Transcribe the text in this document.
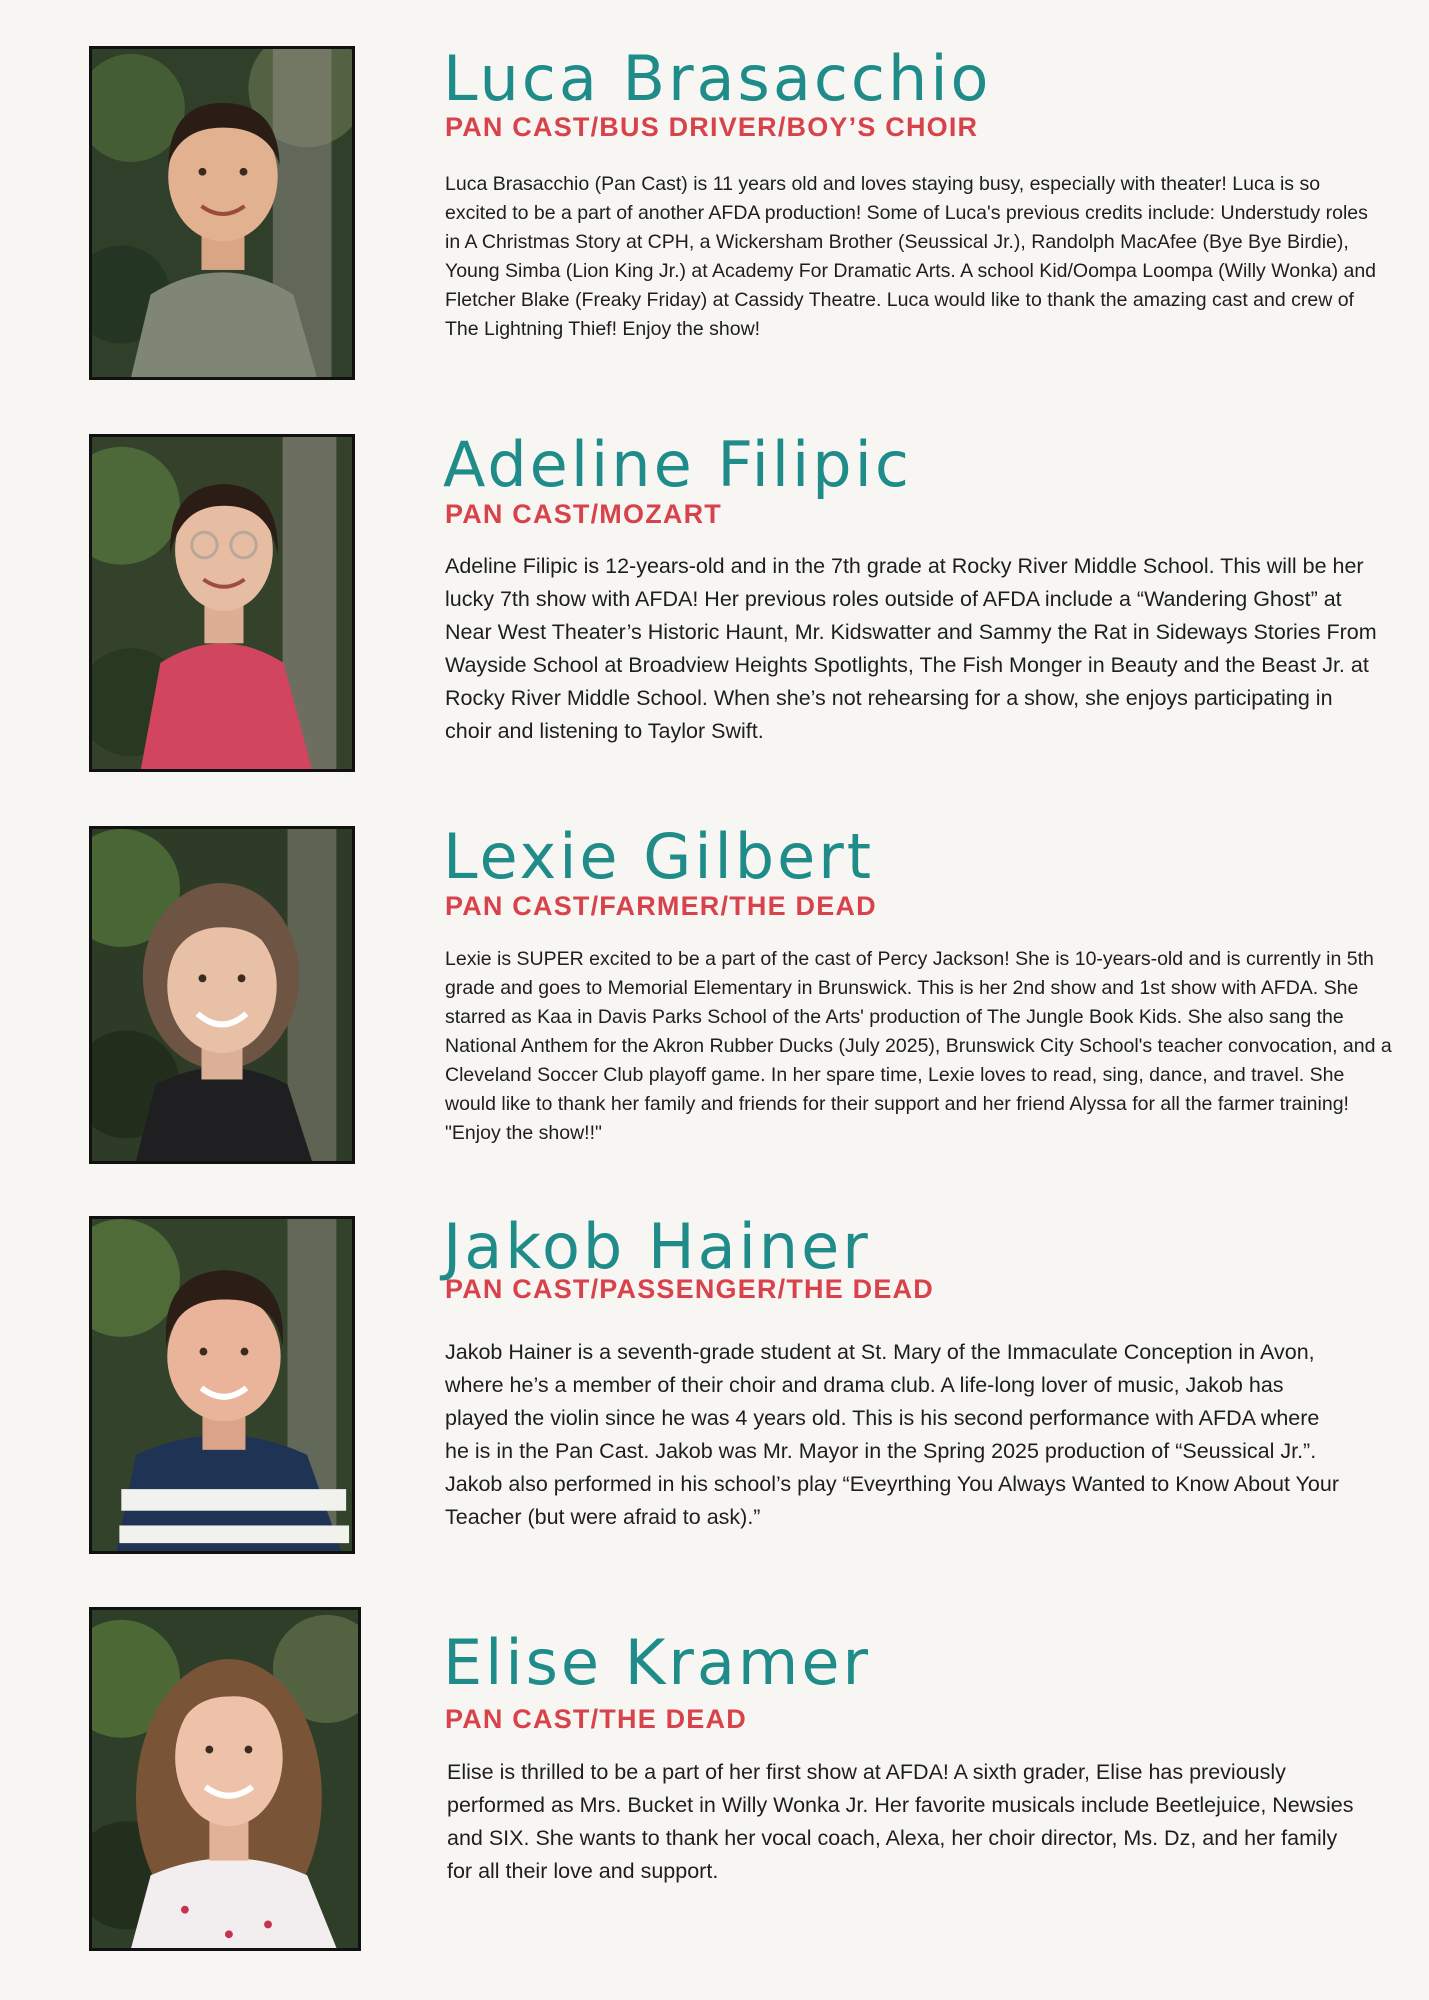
Luca Brasacchio
PAN CAST/BUS DRIVER/BOY’S CHOIR

Luca Brasacchio (Pan Cast) is 11 years old and loves staying busy, especially with theater! Luca is so excited to be a part of another AFDA production! Some of Luca's previous credits include: Understudy roles in A Christmas Story at CPH, a Wickersham Brother (Seussical Jr.), Randolph MacAfee (Bye Bye Birdie), Young Simba (Lion King Jr.) at Academy For Dramatic Arts. A school Kid/Oompa Loompa (Willy Wonka) and Fletcher Blake (Freaky Friday) at Cassidy Theatre. Luca would like to thank the amazing cast and crew of The Lightning Thief! Enjoy the show!

Adeline Filipic
PAN CAST/MOZART

Adeline Filipic is 12-years-old and in the 7th grade at Rocky River Middle School. This will be her lucky 7th show with AFDA! Her previous roles outside of AFDA include a “Wandering Ghost” at Near West Theater’s Historic Haunt, Mr. Kidswatter and Sammy the Rat in Sideways Stories From Wayside School at Broadview Heights Spotlights, The Fish Monger in Beauty and the Beast Jr. at Rocky River Middle School. When she’s not rehearsing for a show, she enjoys participating in choir and listening to Taylor Swift.

Lexie Gilbert
PAN CAST/FARMER/THE DEAD

Lexie is SUPER excited to be a part of the cast of Percy Jackson! She is 10-years-old and is currently in 5th grade and goes to Memorial Elementary in Brunswick. This is her 2nd show and 1st show with AFDA. She starred as Kaa in Davis Parks School of the Arts' production of The Jungle Book Kids. She also sang the National Anthem for the Akron Rubber Ducks (July 2025), Brunswick City School's teacher convocation, and a Cleveland Soccer Club playoff game. In her spare time, Lexie loves to read, sing, dance, and travel. She would like to thank her family and friends for their support and her friend Alyssa for all the farmer training! "Enjoy the show!!"

Jakob Hainer
PAN CAST/PASSENGER/THE DEAD

Jakob Hainer is a seventh-grade student at St. Mary of the Immaculate Conception in Avon, where he’s a member of their choir and drama club. A life-long lover of music, Jakob has played the violin since he was 4 years old. This is his second performance with AFDA where he is in the Pan Cast. Jakob was Mr. Mayor in the Spring 2025 production of “Seussical Jr.”. Jakob also performed in his school’s play “Eveyrthing You Always Wanted to Know About Your Teacher (but were afraid to ask).”

Elise Kramer
PAN CAST/THE DEAD

Elise is thrilled to be a part of her first show at AFDA! A sixth grader, Elise has previously performed as Mrs. Bucket in Willy Wonka Jr. Her favorite musicals include Beetlejuice, Newsies and SIX. She wants to thank her vocal coach, Alexa, her choir director, Ms. Dz, and her family for all their love and support.
